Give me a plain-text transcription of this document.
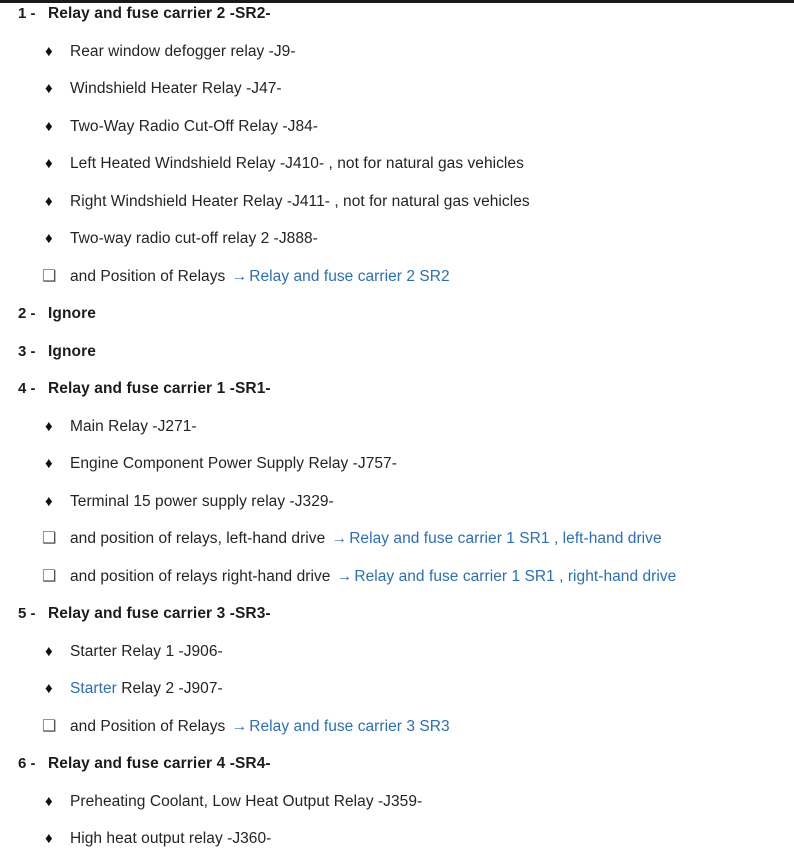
1 - Relay and fuse carrier 2 -SR2-
♦
Rear window defogger relay -J9-
♦
Windshield Heater Relay -J47-
♦
Two-Way Radio Cut-Off Relay -J84-
♦
Left Heated Windshield Relay -J410- , not for natural gas vehicles
♦
Right Windshield Heater Relay -J411- , not for natural gas vehicles
♦
Two-way radio cut-off relay 2 -J888-
❑
and Position of Relays → Relay and fuse carrier 2 SR2
2 - Ignore
3 - Ignore
4 - Relay and fuse carrier 1 -SR1-
♦
Main Relay -J271-
♦
Engine Component Power Supply Relay -J757-
♦
Terminal 15 power supply relay -J329-
❑
and position of relays, left-hand drive → Relay and fuse carrier 1 SR1 , left-hand drive
❑
and position of relays right-hand drive → Relay and fuse carrier 1 SR1 , right-hand drive
5 - Relay and fuse carrier 3 -SR3-
♦
Starter Relay 1 -J906-
♦
Starter Relay 2 -J907-
❑
and Position of Relays → Relay and fuse carrier 3 SR3
6 - Relay and fuse carrier 4 -SR4-
♦
Preheating Coolant, Low Heat Output Relay -J359-
♦
High heat output relay -J360-
